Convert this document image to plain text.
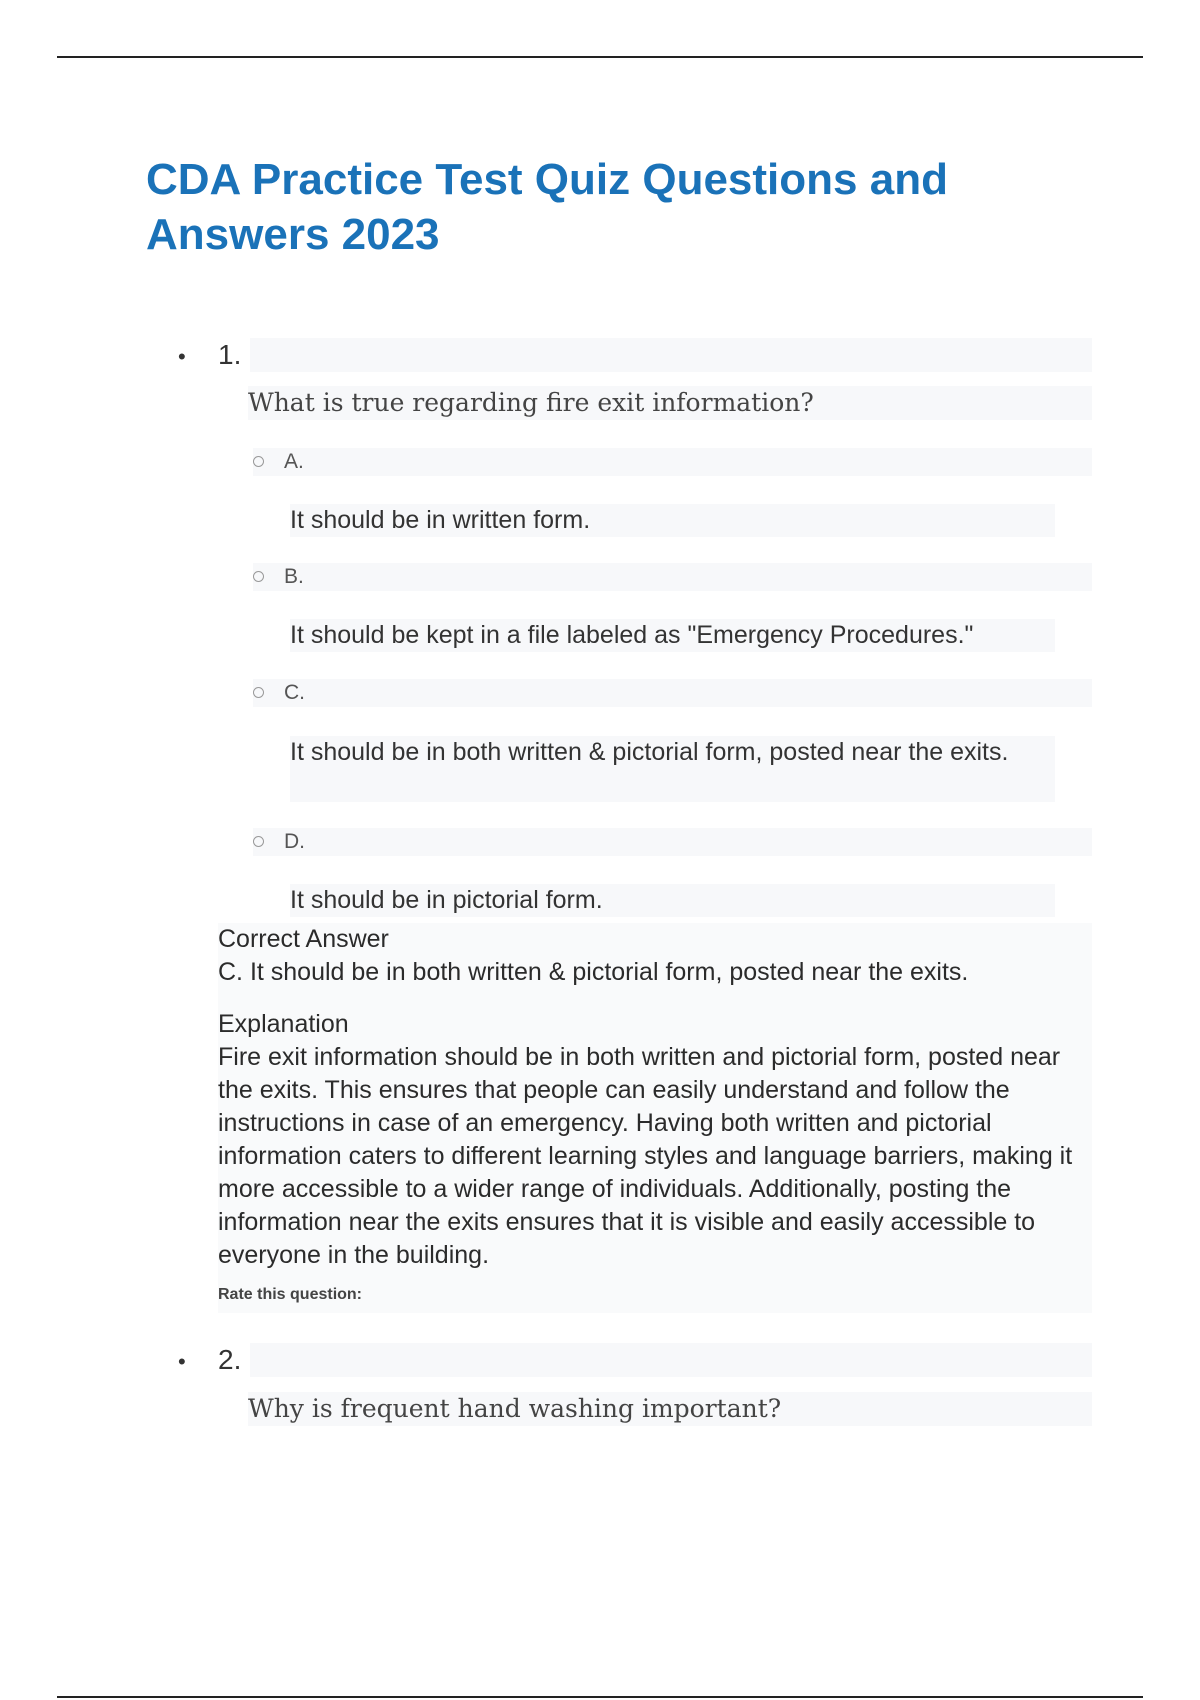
CDA Practice Test Quiz Questions and Answers 2023
• 1.
What is true regarding fire exit information?
A.
It should be in written form.
B.
It should be kept in a file labeled as "Emergency Procedures."
C.
It should be in both written & pictorial form, posted near the exits.
D.
It should be in pictorial form.
Correct Answer
C. It should be in both written & pictorial form, posted near the exits.
Explanation
Fire exit information should be in both written and pictorial form, posted near the exits. This ensures that people can easily understand and follow the instructions in case of an emergency. Having both written and pictorial information caters to different learning styles and language barriers, making it more accessible to a wider range of individuals. Additionally, posting the information near the exits ensures that it is visible and easily accessible to everyone in the building.
Rate this question:
• 2.
Why is frequent hand washing important?
